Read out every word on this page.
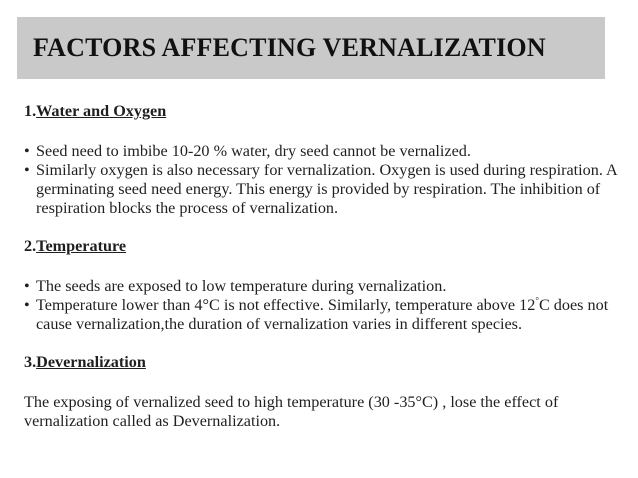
FACTORS AFFECTING VERNALIZATION

1.Water and Oxygen

• Seed need to imbibe 10-20 % water, dry seed cannot be vernalized.
• Similarly oxygen is also necessary for vernalization. Oxygen is used during respiration. A germinating seed need energy. This energy is provided by respiration. The inhibition of respiration blocks the process of vernalization.

2.Temperature

• The seeds are exposed to low temperature during vernalization.
• Temperature lower than 4°C is not effective. Similarly, temperature above 12°C does not cause vernalization,the duration of vernalization varies in different species.

3.Devernalization

The exposing of vernalized seed to high temperature (30 -35°C) , lose the effect of vernalization called as Devernalization.
